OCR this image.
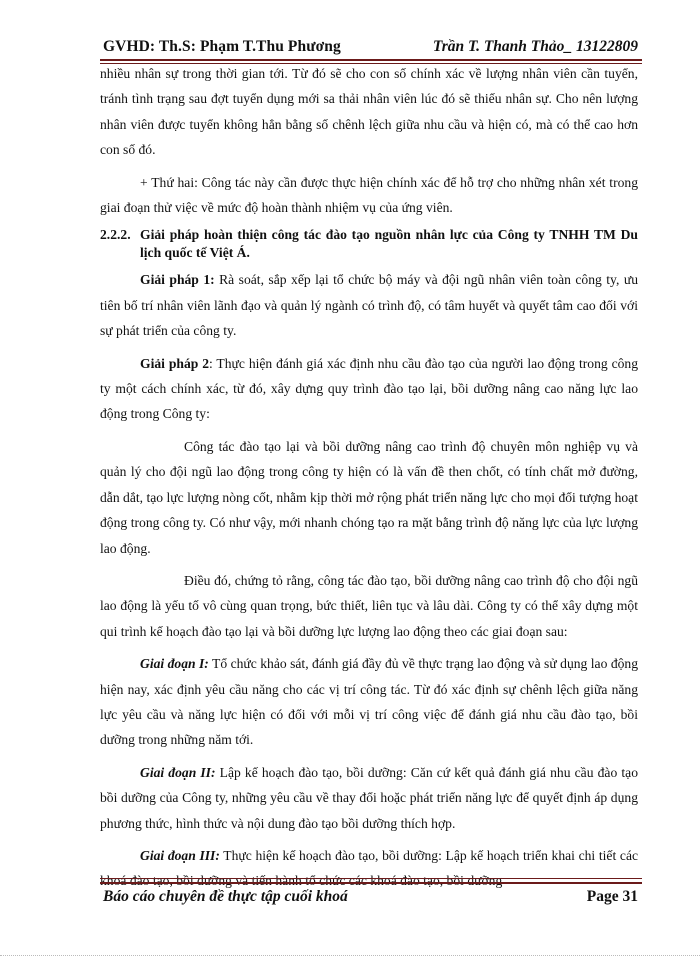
GVHD: Th.S: Phạm T.Thu Phương	Trần T. Thanh Thảo_ 13122809

nhiều nhân sự trong thời gian tới. Từ đó sẽ cho con số chính xác về lượng nhân viên cần tuyển, tránh tình trạng sau đợt tuyển dụng mới sa thải nhân viên lúc đó sẽ thiếu nhân sự. Cho nên lượng nhân viên được tuyển không hẳn bằng số chênh lệch giữa nhu cầu và hiện có, mà có thể cao hơn con số đó.

+ Thứ hai: Công tác này cần được thực hiện chính xác để hỗ trợ cho những nhân xét trong giai đoạn thử việc về mức độ hoàn thành nhiệm vụ của ứng viên.

2.2.2. Giải pháp hoàn thiện công tác đào tạo nguồn nhân lực của Công ty TNHH TM Du lịch quốc tế Việt Á.

Giải pháp 1: Rà soát, sắp xếp lại tổ chức bộ máy và đội ngũ nhân viên toàn công ty, ưu tiên bố trí nhân viên lãnh đạo và quản lý ngành có trình độ, có tâm huyết và quyết tâm cao đối với sự phát triển của công ty.

Giải pháp 2: Thực hiện đánh giá xác định nhu cầu đào tạo của người lao động trong công ty một cách chính xác, từ đó, xây dựng quy trình đào tạo lại, bồi dưỡng nâng cao năng lực lao động trong Công ty:

Công tác đào tạo lại và bồi dưỡng nâng cao trình độ chuyên môn nghiệp vụ và quản lý cho đội ngũ lao động trong công ty hiện có là vấn đề then chốt, có tính chất mở đường, dẫn dắt, tạo lực lượng nòng cốt, nhằm kịp thời mở rộng phát triển năng lực cho mọi đối tượng hoạt động trong công ty. Có như vậy, mới nhanh chóng tạo ra mặt bằng trình độ năng lực của lực lượng lao động.

Điều đó, chứng tỏ rằng, công tác đào tạo, bồi dưỡng nâng cao trình độ cho đội ngũ lao động là yếu tố vô cùng quan trọng, bức thiết, liên tục và lâu dài. Công ty có thể xây dựng một qui trình kế hoạch đào tạo lại và bồi dưỡng lực lượng lao động theo các giai đoạn sau:

Giai đoạn I: Tổ chức khảo sát, đánh giá đầy đủ về thực trạng lao động và sử dụng lao động hiện nay, xác định yêu cầu năng cho các vị trí công tác. Từ đó xác định sự chênh lệch giữa năng lực yêu cầu và năng lực hiện có đối với mỗi vị trí công việc để đánh giá nhu cầu đào tạo, bồi dưỡng trong những năm tới.

Giai đoạn II: Lập kế hoạch đào tạo, bồi dưỡng: Căn cứ kết quả đánh giá nhu cầu đào tạo bồi dưỡng của Công ty, những yêu cầu về thay đổi hoặc phát triển năng lực để quyết định áp dụng phương thức, hình thức và nội dung đào tạo bồi dưỡng thích hợp.

Giai đoạn III: Thực hiện kế hoạch đào tạo, bồi dưỡng: Lập kế hoạch triển khai chi tiết các khoá đào tạo, bồi dưỡng và tiến hành tổ chức các khoá đào tạo, bồi dưỡng

Báo cáo chuyên đề thực tập cuối khoá	Page 31
